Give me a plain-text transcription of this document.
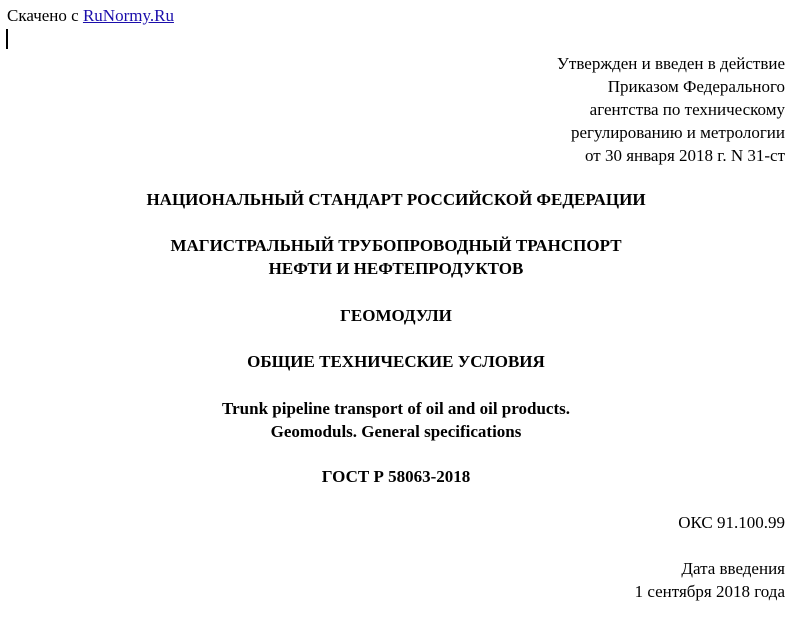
Скачено с RuNormy.Ru
Утвержден и введен в действие
Приказом Федерального
агентства по техническому
регулированию и метрологии
от 30 января 2018 г. N 31-ст
НАЦИОНАЛЬНЫЙ СТАНДАРТ РОССИЙСКОЙ ФЕДЕРАЦИИ
МАГИСТРАЛЬНЫЙ ТРУБОПРОВОДНЫЙ ТРАНСПОРТ
НЕФТИ И НЕФТЕПРОДУКТОВ
ГЕОМОДУЛИ
ОБЩИЕ ТЕХНИЧЕСКИЕ УСЛОВИЯ
Trunk pipeline transport of oil and oil products.
Geomoduls. General specifications
ГОСТ Р 58063-2018
ОКС 91.100.99
Дата введения
1 сентября 2018 года
